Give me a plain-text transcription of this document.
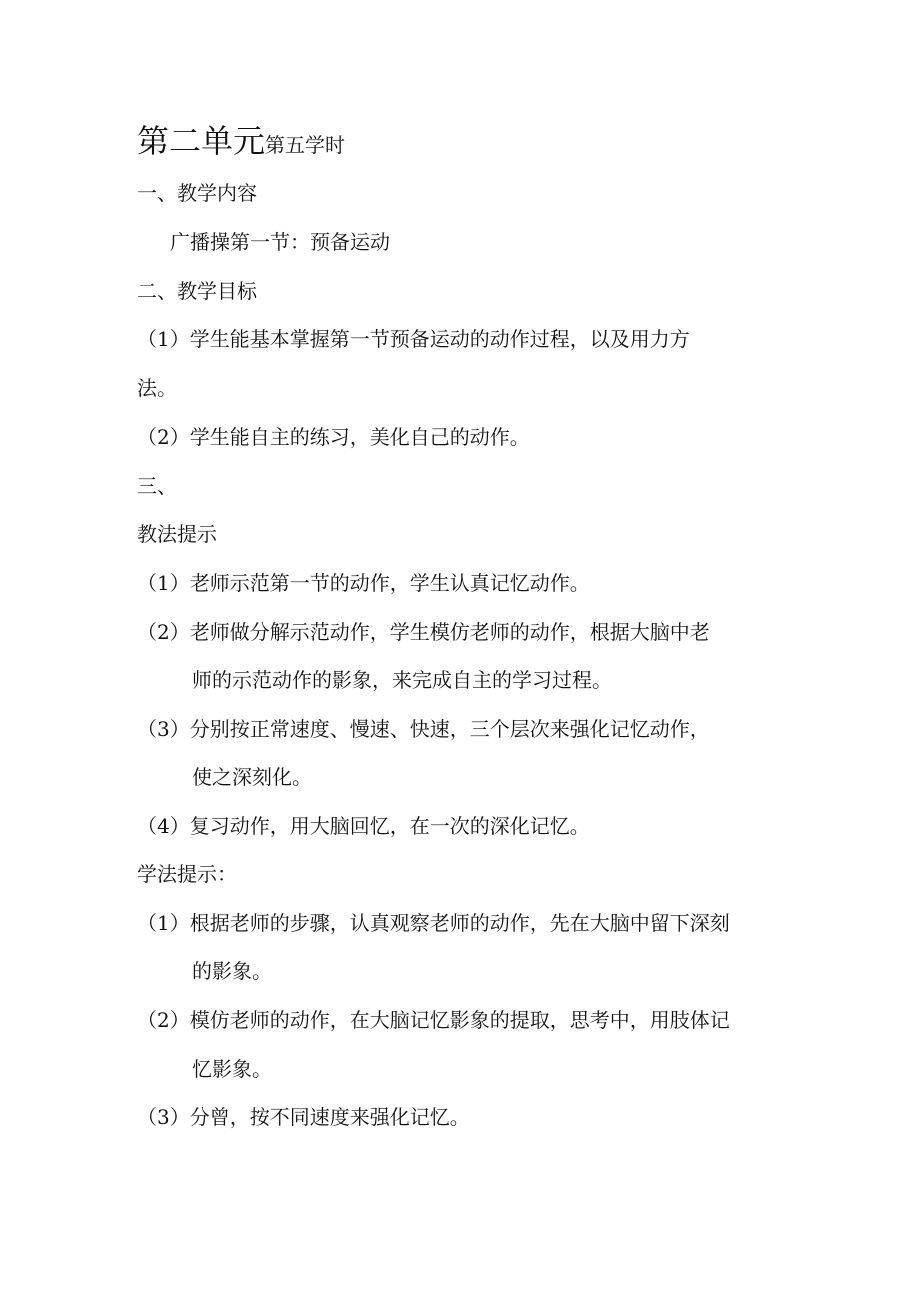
第二单元第五学时
一、教学内容
广播操第一节：预备运动
二、教学目标
（1）学生能基本掌握第一节预备运动的动作过程，以及用力方
法。
（2）学生能自主的练习，美化自己的动作。
三、
教法提示
（1）老师示范第一节的动作，学生认真记忆动作。
（2）老师做分解示范动作，学生模仿老师的动作，根据大脑中老
师的示范动作的影象，来完成自主的学习过程。
（3）分别按正常速度、慢速、快速，三个层次来强化记忆动作，
使之深刻化。
（4）复习动作，用大脑回忆，在一次的深化记忆。
学法提示：
（1）根据老师的步骤，认真观察老师的动作，先在大脑中留下深刻
的影象。
（2）模仿老师的动作，在大脑记忆影象的提取，思考中，用肢体记
忆影象。
（3）分曾，按不同速度来强化记忆。
